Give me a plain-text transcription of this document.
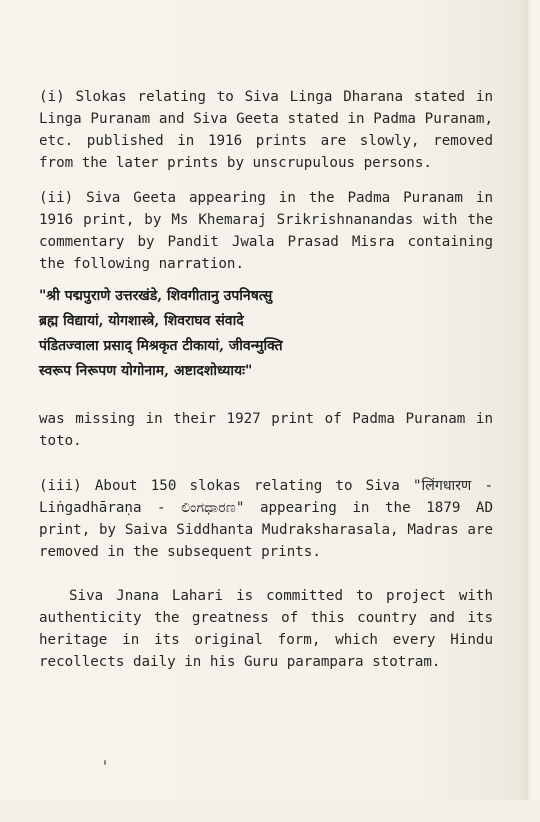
(i) Slokas relating to Siva Linga Dharana stated in Linga Puranam and Siva Geeta stated in Padma Puranam, etc. published in 1916 prints are slowly, removed from the later prints by unscrupulous persons.

(ii) Siva Geeta appearing in the Padma Puranam in 1916 print, by Ms Khemaraj Srikrishnanandas with the commentary by Pandit Jwala Prasad Misra containing the following narration.

"श्री पद्मपुराणे उत्तरखंडे, शिवगीतानु उपनिषत्सु
ब्रह्म विद्यायां, योगशास्त्रे, शिवराघव संवादे
पंडितज्वाला प्रसाद् मिश्रकृत टीकायां, जीवन्मुक्ति
स्वरूप निरूपण योगोनाम, अष्टादशोध्यायः"

was missing in their 1927 print of Padma Puranam in toto.

(iii) About 150 slokas relating to Siva "लिंगधारण - Liṅgadhāraṇa - ಲಿಂಗಧಾರಣ" appearing in the 1879 AD print, by Saiva Siddhanta Mudraksharasala, Madras are removed in the subsequent prints.

Siva Jnana Lahari is committed to project with authenticity the greatness of this country and its heritage in its original form, which every Hindu recollects daily in his Guru parampara stotram.
